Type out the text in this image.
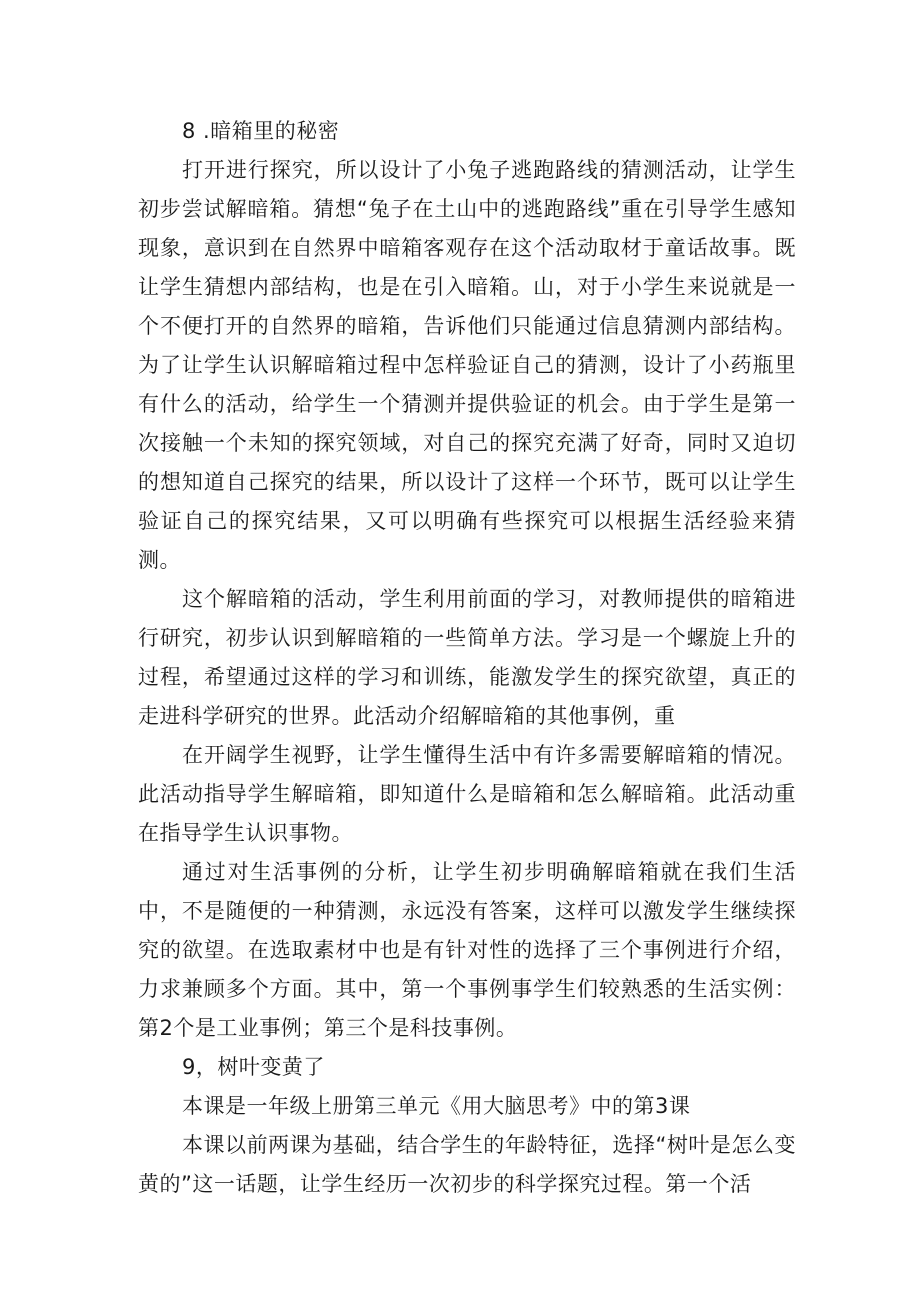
8 .暗箱里的秘密

打开进行探究，所以设计了小兔子逃跑路线的猜测活动，让学生初步尝试解暗箱。猜想“兔子在土山中的逃跑路线”重在引导学生感知现象，意识到在自然界中暗箱客观存在这个活动取材于童话故事。既让学生猜想内部结构，也是在引入暗箱。山，对于小学生来说就是一个不便打开的自然界的暗箱，告诉他们只能通过信息猜测内部结构。为了让学生认识解暗箱过程中怎样验证自己的猜测，设计了小药瓶里有什么的活动，给学生一个猜测并提供验证的机会。由于学生是第一次接触一个未知的探究领域，对自己的探究充满了好奇，同时又迫切的想知道自己探究的结果，所以设计了这样一个环节，既可以让学生验证自己的探究结果，又可以明确有些探究可以根据生活经验来猜测。

这个解暗箱的活动，学生利用前面的学习，对教师提供的暗箱进行研究，初步认识到解暗箱的一些简单方法。学习是一个螺旋上升的过程，希望通过这样的学习和训练，能激发学生的探究欲望，真正的走进科学研究的世界。此活动介绍解暗箱的其他事例，重

在开阔学生视野，让学生懂得生活中有许多需要解暗箱的情况。此活动指导学生解暗箱，即知道什么是暗箱和怎么解暗箱。此活动重在指导学生认识事物。

通过对生活事例的分析，让学生初步明确解暗箱就在我们生活中，不是随便的一种猜测，永远没有答案，这样可以激发学生继续探究的欲望。在选取素材中也是有针对性的选择了三个事例进行介绍，力求兼顾多个方面。其中，第一个事例事学生们较熟悉的生活实例：第2个是工业事例；第三个是科技事例。

9，树叶变黄了

本课是一年级上册第三单元《用大脑思考》中的第3课

本课以前两课为基础，结合学生的年龄特征，选择“树叶是怎么变黄的”这一话题，让学生经历一次初步的科学探究过程。第一个活
